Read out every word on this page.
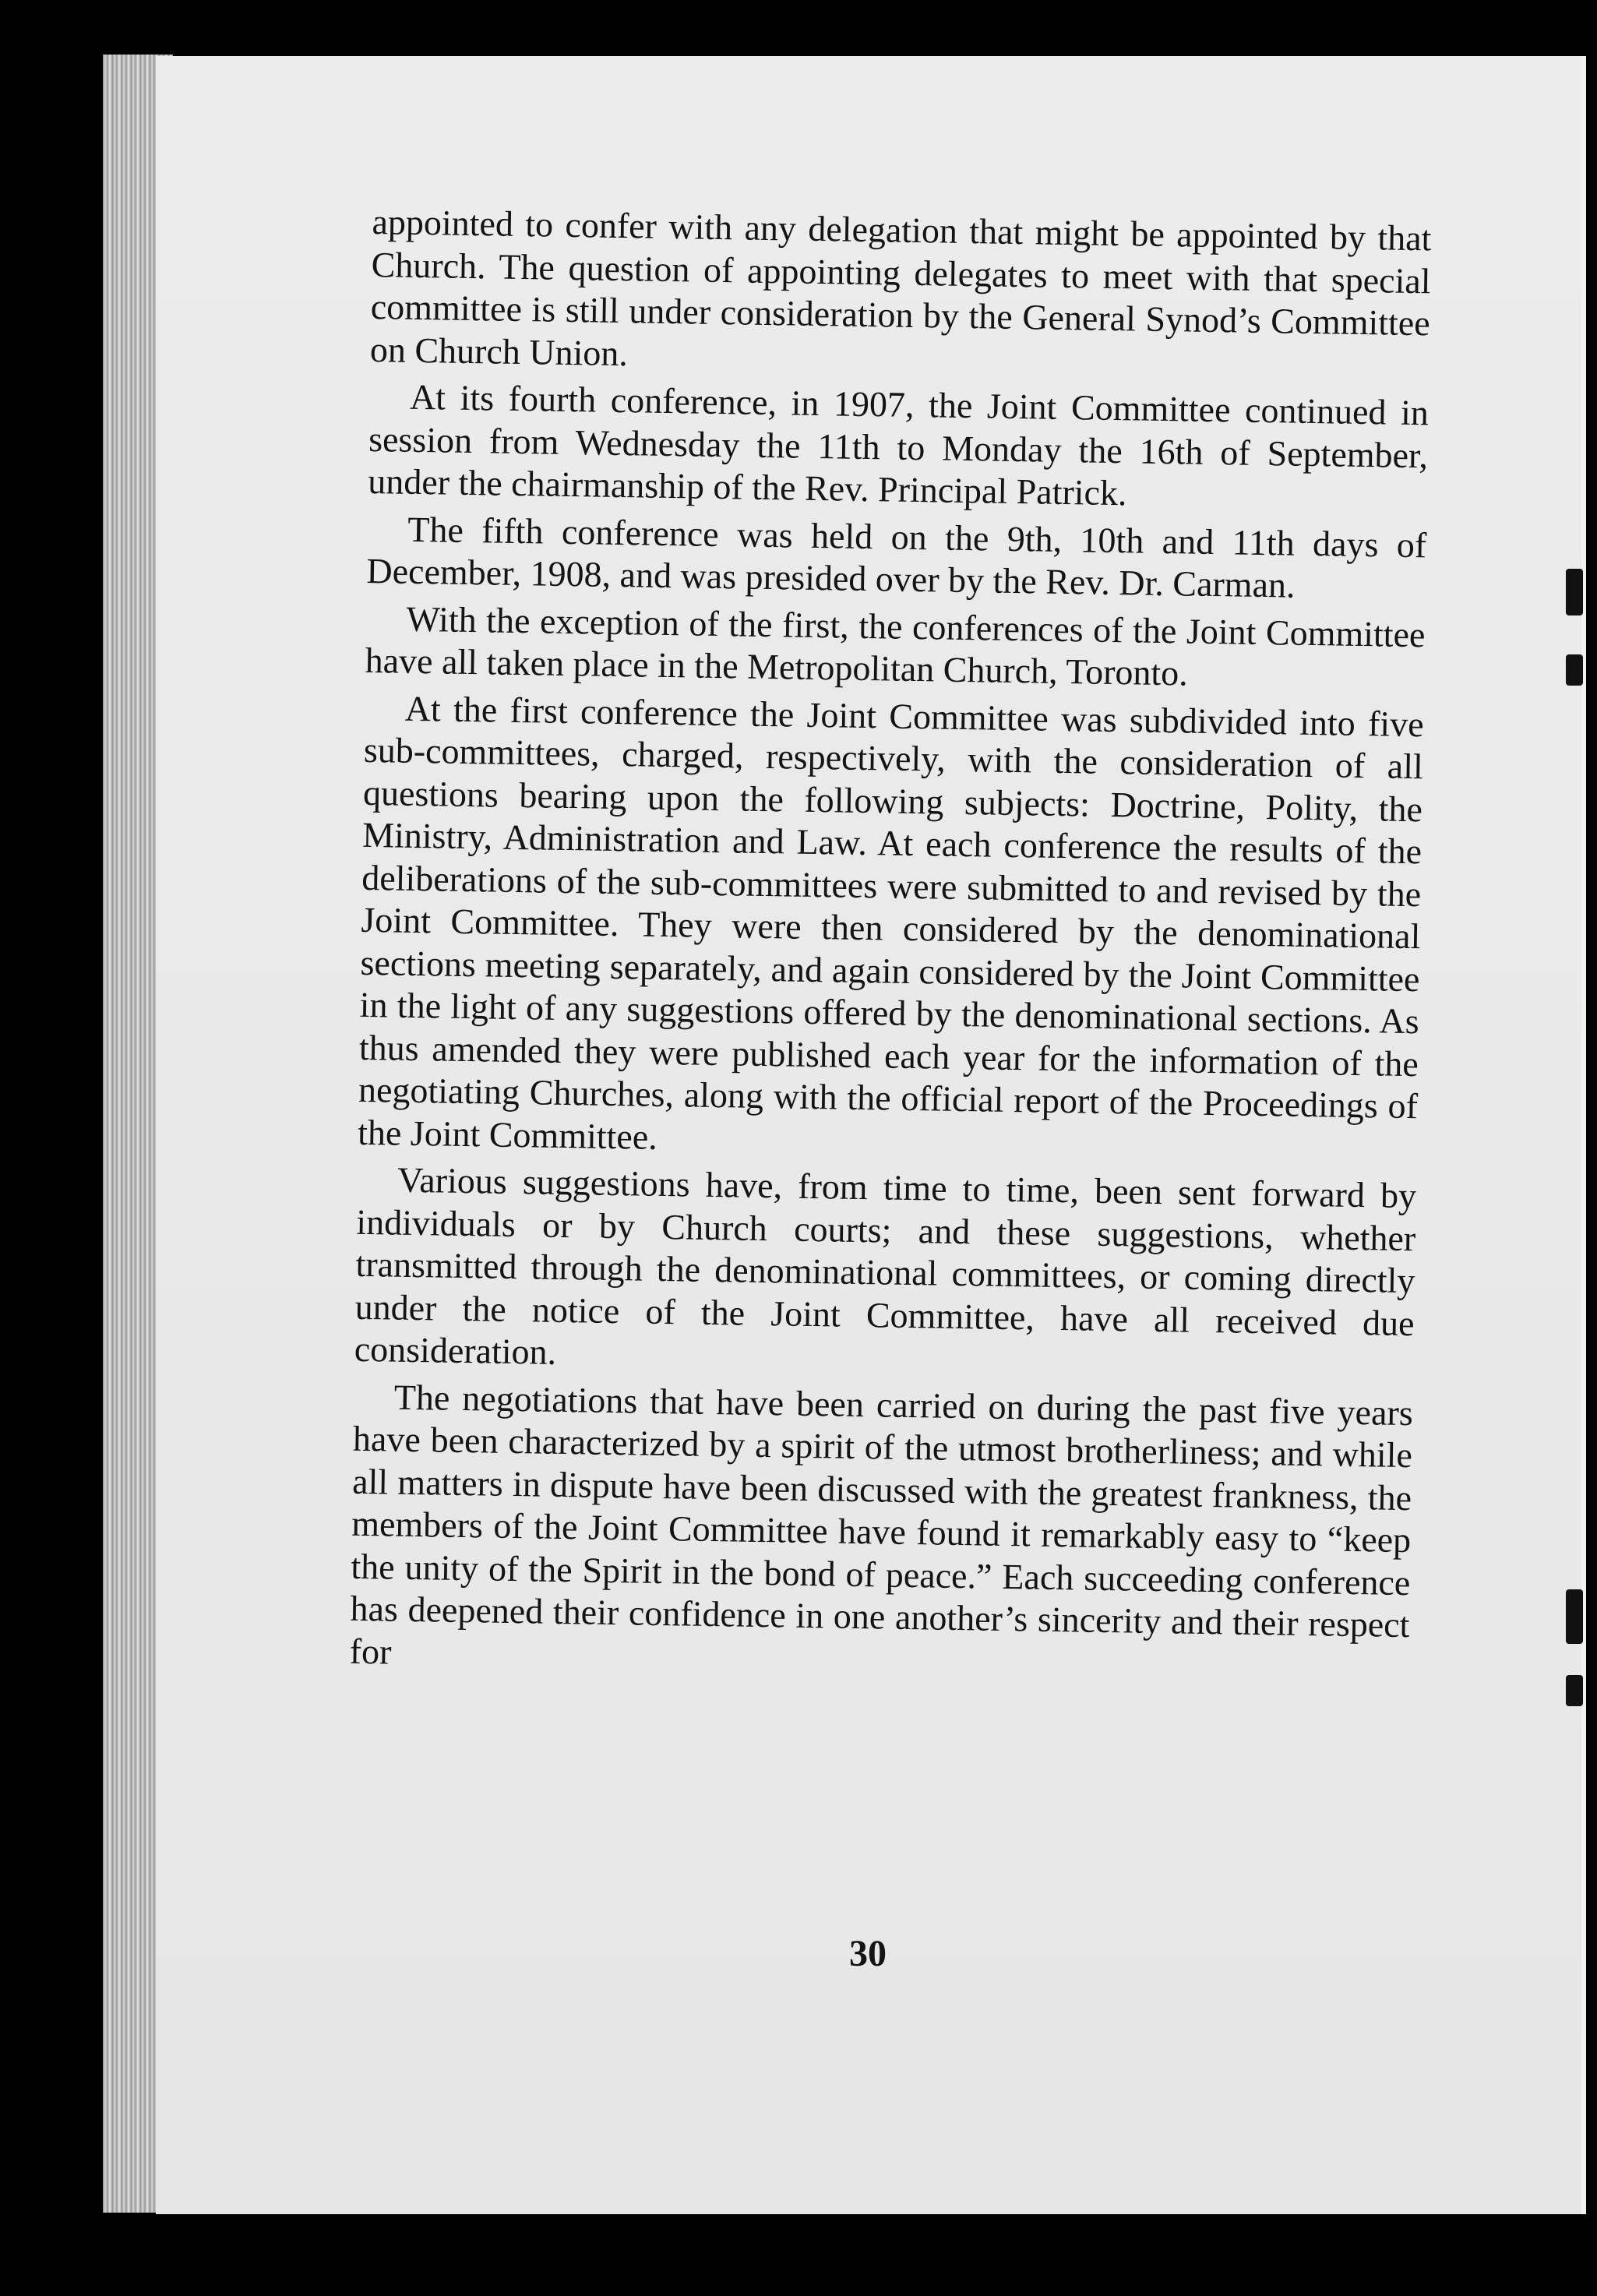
appointed to confer with any delegation that might be appointed by that Church. The question of appointing delegates to meet with that special committee is still under consideration by the General Synod’s Committee on Church Union.

At its fourth conference, in 1907, the Joint Committee continued in session from Wednesday the 11th to Monday the 16th of September, under the chairmanship of the Rev. Principal Patrick.

The fifth conference was held on the 9th, 10th and 11th days of December, 1908, and was presided over by the Rev. Dr. Carman.

With the exception of the first, the conferences of the Joint Committee have all taken place in the Metropolitan Church, Toronto.

At the first conference the Joint Committee was subdivided into five sub-committees, charged, respectively, with the consideration of all questions bearing upon the following subjects: Doctrine, Polity, the Ministry, Administration and Law. At each conference the results of the deliberations of the sub-committees were submitted to and revised by the Joint Committee. They were then considered by the denominational sections meeting separately, and again considered by the Joint Committee in the light of any suggestions offered by the denominational sections. As thus amended they were published each year for the information of the negotiating Churches, along with the official report of the Proceedings of the Joint Committee.

Various suggestions have, from time to time, been sent forward by individuals or by Church courts; and these suggestions, whether transmitted through the denominational committees, or coming directly under the notice of the Joint Committee, have all received due consideration.

The negotiations that have been carried on during the past five years have been characterized by a spirit of the utmost brotherliness; and while all matters in dispute have been discussed with the greatest frankness, the members of the Joint Committee have found it remarkably easy to “keep the unity of the Spirit in the bond of peace.” Each succeeding conference has deepened their confidence in one another’s sincerity and their respect for

30
